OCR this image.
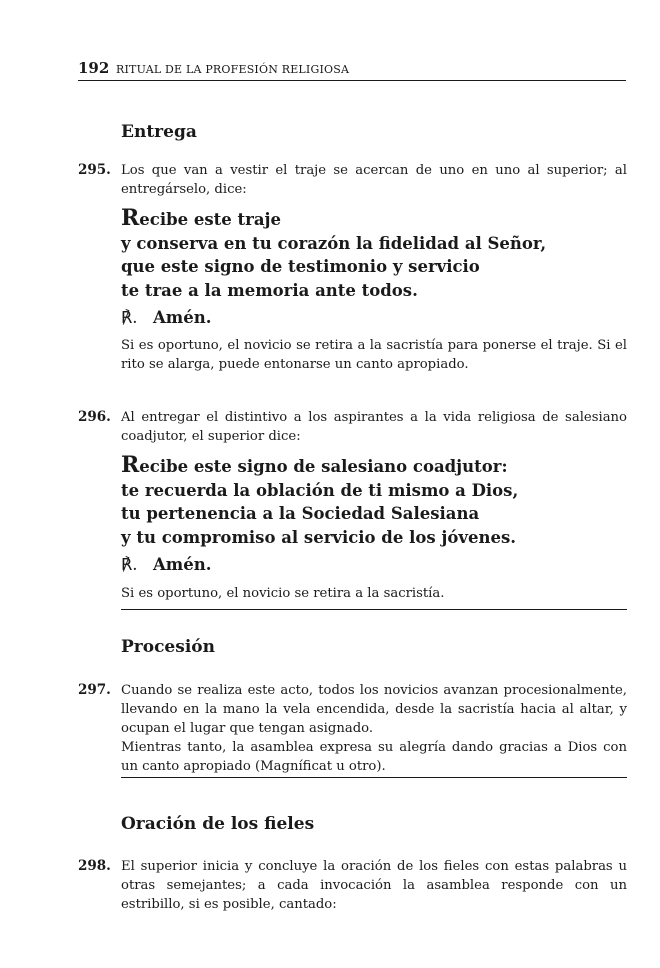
192 RITUAL DE LA PROFESIÓN RELIGIOSA
Entrega
295. Los que van a vestir el traje se acercan de uno en uno al superior; al entregárselo, dice:
Recibe este traje
y conserva en tu corazón la fidelidad al Señor,
que este signo de testimonio y servicio
te trae a la memoria ante todos.
℟. Amén.
Si es oportuno, el novicio se retira a la sacristía para ponerse el traje. Si el rito se alarga, puede entonarse un canto apropiado.
296. Al entregar el distintivo a los aspirantes a la vida religiosa de salesiano coadjutor, el superior dice:
Recibe este signo de salesiano coadjutor:
te recuerda la oblación de ti mismo a Dios,
tu pertenencia a la Sociedad Salesiana
y tu compromiso al servicio de los jóvenes.
℟. Amén.
Si es oportuno, el novicio se retira a la sacristía.
Procesión
297. Cuando se realiza este acto, todos los novicios avanzan procesionalmente, llevando en la mano la vela encendida, desde la sacristía hacia al altar, y ocupan el lugar que tengan asignado.
Mientras tanto, la asamblea expresa su alegría dando gracias a Dios con un canto apropiado (Magníficat u otro).
Oración de los fieles
298. El superior inicia y concluye la oración de los fieles con estas palabras u otras semejantes; a cada invocación la asamblea responde con un estribillo, si es posible, cantado:
